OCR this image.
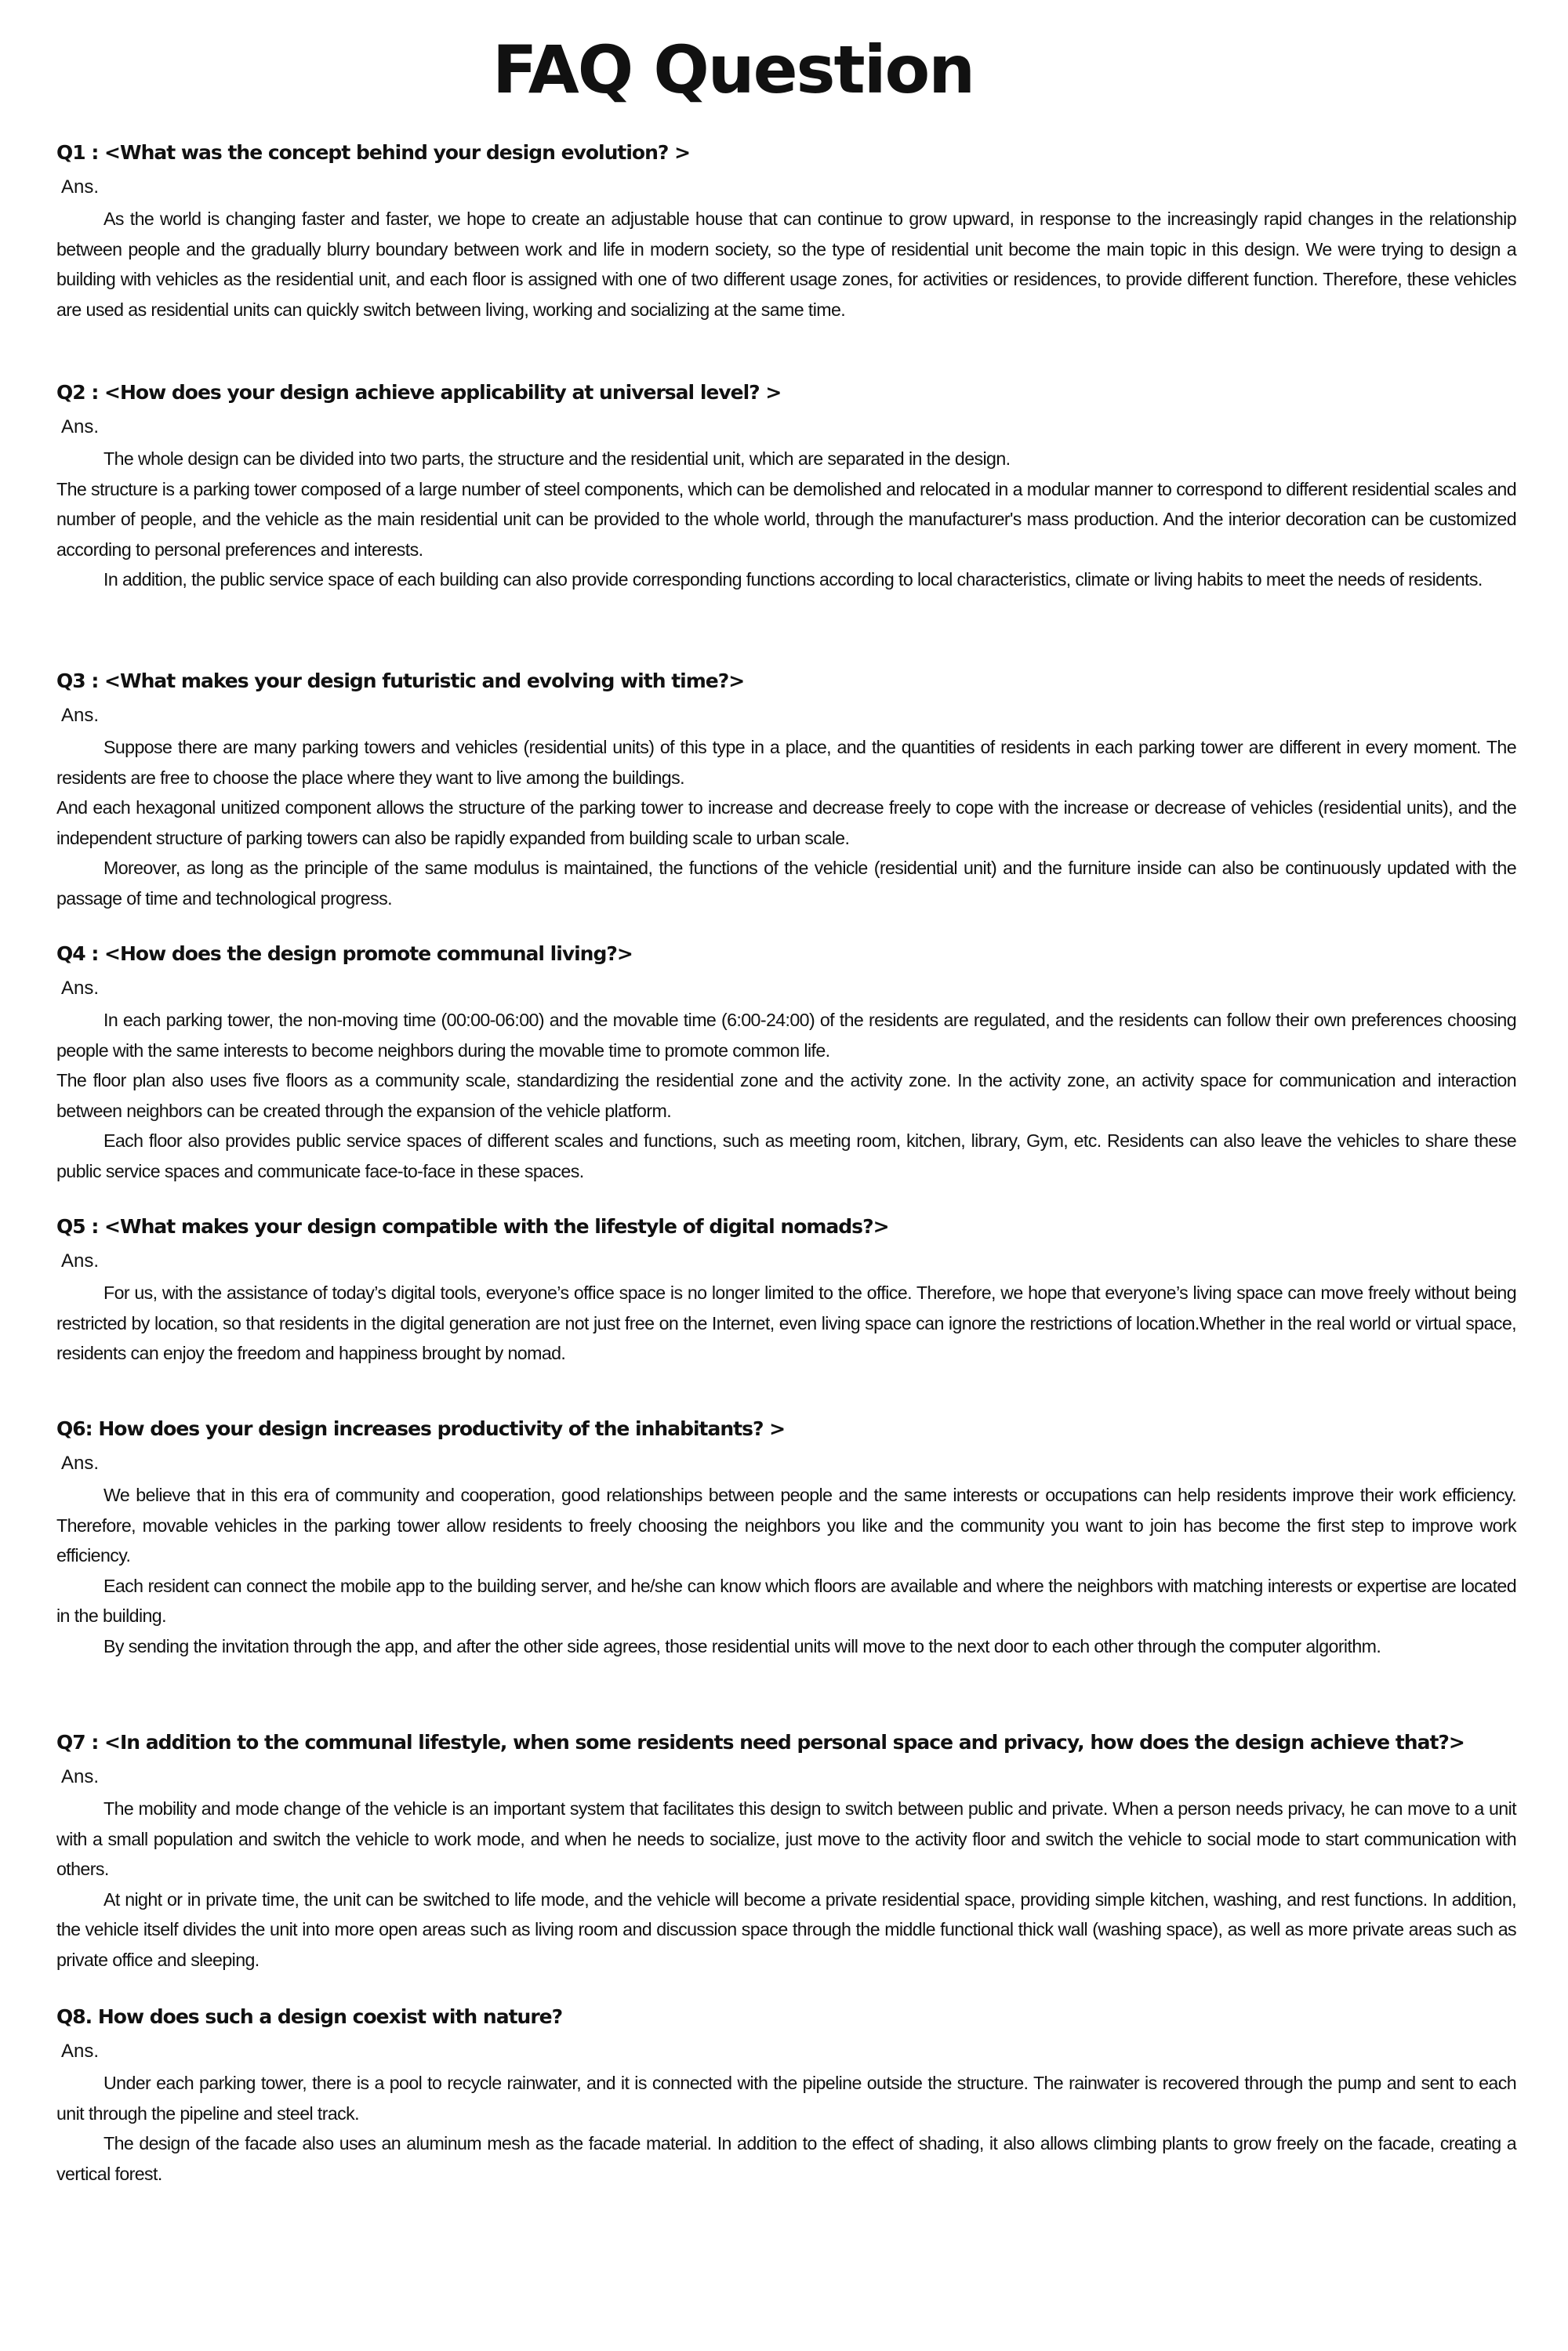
FAQ Question
Q1 : <What was the concept behind your design evolution? >
Ans.

As the world is changing faster and faster, we hope to create an adjustable house that can continue to grow upward, in response to the increasingly rapid changes in the relationship between people and the gradually blurry boundary between work and life in modern society, so the type of residential unit become the main topic in this design. We were trying to design a building with vehicles as the residential unit, and each floor is assigned with one of two different usage zones, for activities or residences, to provide different function. Therefore, these vehicles are used as residential units can quickly switch between living, working and socializing at the same time.

Q2 : <How does your design achieve applicability at universal level? >
Ans.

The whole design can be divided into two parts, the structure and the residential unit, which are separated in the design.

The structure is a parking tower composed of a large number of steel components, which can be demolished and relocated in a modular manner to correspond to different residential scales and number of people, and the vehicle as the main residential unit can be provided to the whole world, through the manufacturer's mass production. And the interior decoration can be customized according to personal preferences and interests.

In addition, the public service space of each building can also provide corresponding functions according to local characteristics, climate or living habits to meet the needs of residents.

Q3 : <What makes your design futuristic and evolving with time?>
Ans.

Suppose there are many parking towers and vehicles (residential units) of this type in a place, and the quantities of residents in each parking tower are different in every moment. The residents are free to choose the place where they want to live among the buildings.

And each hexagonal unitized component allows the structure of the parking tower to increase and decrease freely to cope with the increase or decrease of vehicles (residential units), and the independent structure of parking towers can also be rapidly expanded from building scale to urban scale.

Moreover, as long as the principle of the same modulus is maintained, the functions of the vehicle (residential unit) and the furniture inside can also be continuously updated with the passage of time and technological progress.

Q4 : <How does the design promote communal living?>
Ans.

In each parking tower, the non-moving time (00:00-06:00) and the movable time (6:00-24:00) of the residents are regulated, and the residents can follow their own preferences choosing people with the same interests to become neighbors during the movable time to promote common life.

The floor plan also uses five floors as a community scale, standardizing the residential zone and the activity zone. In the activity zone, an activity space for communication and interaction between neighbors can be created through the expansion of the vehicle platform.

Each floor also provides public service spaces of different scales and functions, such as meeting room, kitchen, library, Gym, etc. Residents can also leave the vehicles to share these public service spaces and communicate face-to-face in these spaces.

Q5 : <What makes your design compatible with the lifestyle of digital nomads?>
Ans.

For us, with the assistance of today’s digital tools, everyone’s office space is no longer limited to the office. Therefore, we hope that everyone’s living space can move freely without being restricted by location, so that residents in the digital generation are not just free on the Internet, even living space can ignore the restrictions of location.Whether in the real world or virtual space, residents can enjoy the freedom and happiness brought by nomad.

Q6: How does your design increases productivity of the inhabitants? >
Ans.

We believe that in this era of community and cooperation, good relationships between people and the same interests or occupations can help residents improve their work efficiency. Therefore, movable vehicles in the parking tower allow residents to freely choosing the neighbors you like and the community you want to join has become the first step to improve work efficiency.

Each resident can connect the mobile app to the building server, and he/she can know which floors are available and where the neighbors with matching interests or expertise are located in the building.

By sending the invitation through the app, and after the other side agrees, those residential units will move to the next door to each other through the computer algorithm.

Q7 : <In addition to the communal lifestyle, when some residents need personal space and privacy, how does the design achieve that?>
Ans.

The mobility and mode change of the vehicle is an important system that facilitates this design to switch between public and private. When a person needs privacy, he can move to a unit with a small population and switch the vehicle to work mode, and when he needs to socialize, just move to the activity floor and switch the vehicle to social mode to start communication with others.

At night or in private time, the unit can be switched to life mode, and the vehicle will become a private residential space, providing simple kitchen, washing, and rest functions. In addition, the vehicle itself divides the unit into more open areas such as living room and discussion space through the middle functional thick wall (washing space), as well as more private areas such as private office and sleeping.

Q8. How does such a design coexist with nature?
Ans.

Under each parking tower, there is a pool to recycle rainwater, and it is connected with the pipeline outside the structure. The rainwater is recovered through the pump and sent to each unit through the pipeline and steel track.

The design of the facade also uses an aluminum mesh as the facade material. In addition to the effect of shading, it also allows climbing plants to grow freely on the facade, creating a vertical forest.
